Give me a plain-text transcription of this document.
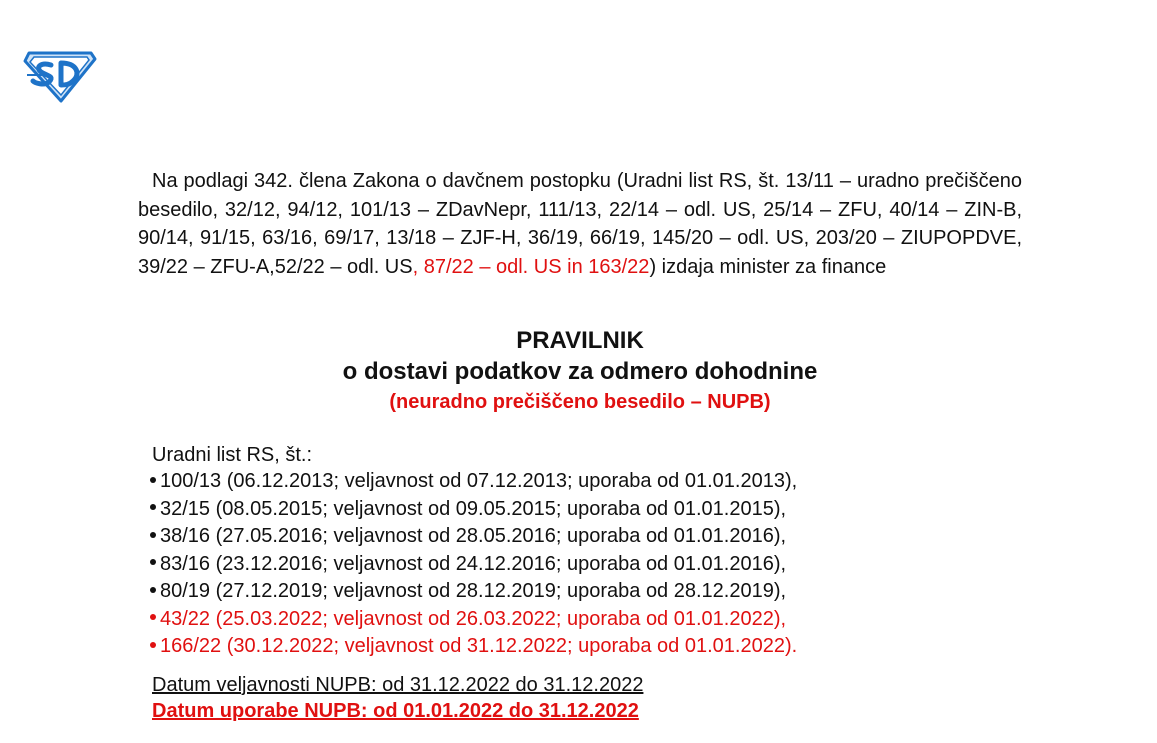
Na podlagi 342. člena Zakona o davčnem postopku (Uradni list RS, št. 13/11 – uradno prečiščeno besedilo, 32/12, 94/12, 101/13 – ZDavNepr, 111/13, 22/14 – odl. US, 25/14 – ZFU, 40/14 – ZIN-B, 90/14, 91/15, 63/16, 69/17, 13/18 – ZJF-H, 36/19, 66/19, 145/20 – odl. US, 203/20 – ZIUPOPDVE, 39/22 – ZFU-A,52/22 – odl. US, 87/22 – odl. US in 163/22) izdaja minister za finance
PRAVILNIK
o dostavi podatkov za odmero dohodnine
(neuradno prečiščeno besedilo – NUPB)
Uradni list RS, št.:
100/13 (06.12.2013; veljavnost od 07.12.2013; uporaba od 01.01.2013),
32/15 (08.05.2015; veljavnost od 09.05.2015; uporaba od 01.01.2015),
38/16 (27.05.2016; veljavnost od 28.05.2016; uporaba od 01.01.2016),
83/16 (23.12.2016; veljavnost od 24.12.2016; uporaba od 01.01.2016),
80/19 (27.12.2019; veljavnost od 28.12.2019; uporaba od 28.12.2019),
43/22 (25.03.2022; veljavnost od 26.03.2022; uporaba od 01.01.2022),
166/22 (30.12.2022; veljavnost od 31.12.2022; uporaba od 01.01.2022).
Datum veljavnosti NUPB: od 31.12.2022 do 31.12.2022
Datum uporabe NUPB: od 01.01.2022 do 31.12.2022
